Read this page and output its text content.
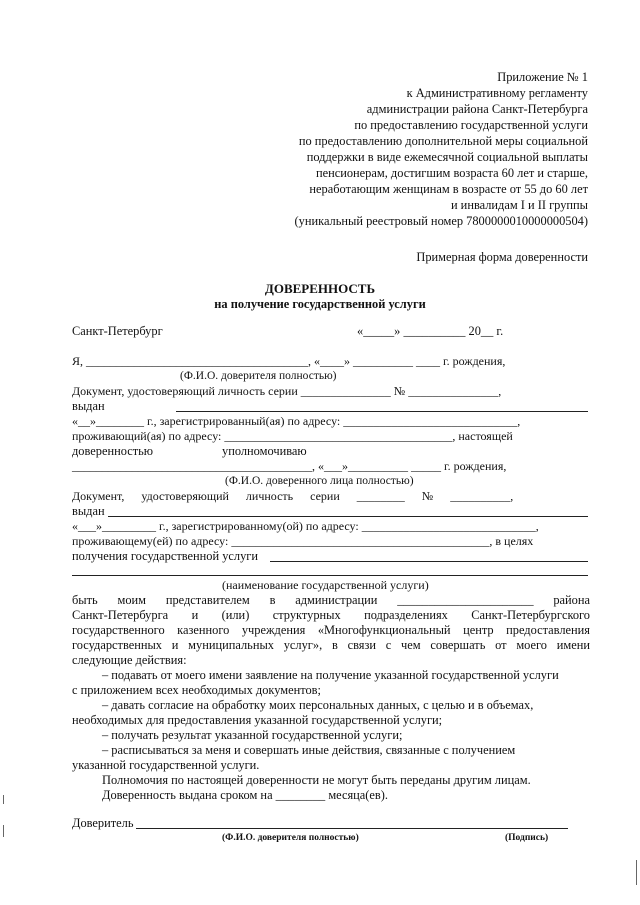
Приложение № 1
к Административному регламенту
администрации района Санкт-Петербурга
по предоставлению государственной услуги
по предоставлению дополнительной меры социальной
поддержки в виде ежемесячной социальной выплаты
пенсионерам, достигшим возраста 60 лет и старше,
неработающим женщинам в возрасте от 55 до 60 лет
и инвалидам I и II группы
(уникальный реестровый номер 7800000010000000504)
Примерная форма доверенности
ДОВЕРЕННОСТЬ
на получение государственной услуги
Санкт-Петербург	«_____» __________ 20__ г.
Я, _____________________________________, «____» __________ ____ г. рождения,
(Ф.И.О. доверителя полностью)
Документ, удостоверяющий личность серии _______________ № _______________,
выдан
«__»________ г., зарегистрированный(ая) по адресу: _____________________________,
проживающий(ая) по адресу: ______________________________________, настоящей
доверенностью	уполномочиваю
________________________________________, «___»__________ _____ г. рождения,
(Ф.И.О. доверенного лица полностью)
Документ, удостоверяющий личность серии ________ № __________,
выдан
«___»_________ г., зарегистрированному(ой) по адресу: _____________________________,
проживающему(ей) по адресу: ___________________________________________, в целях
получения государственной услуги
(наименование государственной услуги)
быть моим представителем в администрации ______________________ района
Санкт-Петербурга и (или) структурных подразделениях Санкт-Петербургского
государственного казенного учреждения «Многофункциональный центр предоставления
государственных и муниципальных услуг», в связи с чем совершать от моего имени
следующие действия:
– подавать от моего имени заявление на получение указанной государственной услуги
с приложением всех необходимых документов;
– давать согласие на обработку моих персональных данных, с целью и в объемах,
необходимых для предоставления указанной государственной услуги;
– получать результат указанной государственной услуги;
– расписываться за меня и совершать иные действия, связанные с получением
указанной государственной услуги.
Полномочия по настоящей доверенности не могут быть переданы другим лицам.
Доверенность выдана сроком на ________ месяца(ев).
Доверитель
(Ф.И.О. доверителя полностью)	(Подпись)
